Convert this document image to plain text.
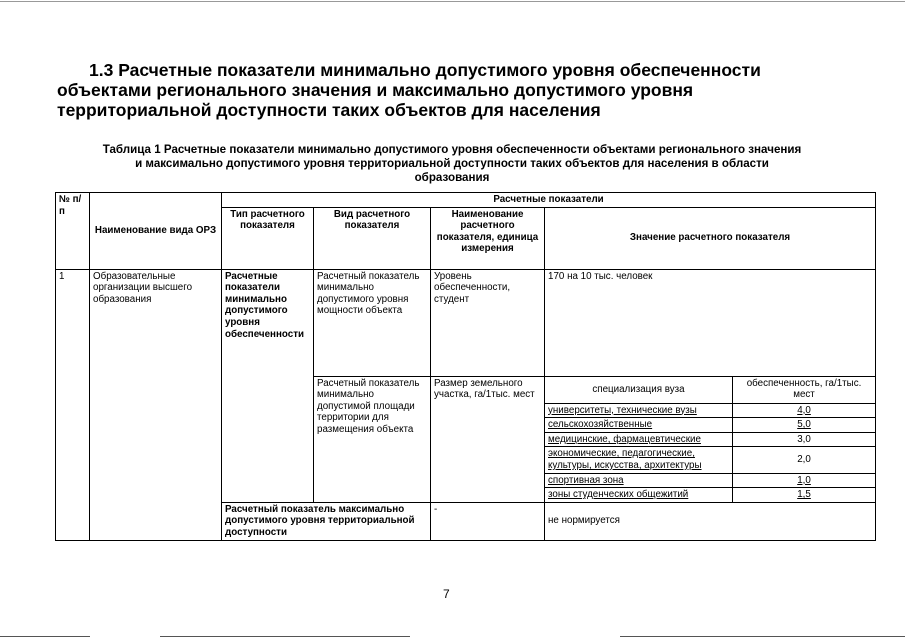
1.3 Расчетные показатели минимально допустимого уровня обеспеченности
объектами регионального значения и максимально допустимого уровня
территориальной доступности таких объектов для населения
Таблица 1 Расчетные показатели минимально допустимого уровня обеспеченности объектами регионального значения
и максимально допустимого уровня территориальной доступности таких объектов для населения в области
образования
№ п/п	Наименование вида ОРЗ	Расчетные показатели				
		Тип расчетного показателя	Вид расчетного показателя	Наименование расчетного показателя, единица измерения	Значение расчетного показателя	
1	Образовательные организации высшего образования	Расчетные показатели минимально допустимого уровня обеспеченности	Расчетный показатель минимально допустимого уровня мощности объекта	Уровень обеспеченности, студент	170 на 10 тыс. человек	
			Расчетный показатель минимально допустимой площади территории для размещения объекта	Размер земельного участка, га/1тыс. мест	специализация вуза	обеспеченность, га/1тыс. мест
					университеты, технические вузы	4,0
					сельскохозяйственные	5,0
					медицинские, фармацевтические	3,0
					экономические, педагогические, культуры, искусства, архитектуры	2,0
					спортивная зона	1,0
					зоны студенческих общежитий	1,5
		Расчетный показатель максимально допустимого уровня территориальной доступности		-	не нормируется	
7
